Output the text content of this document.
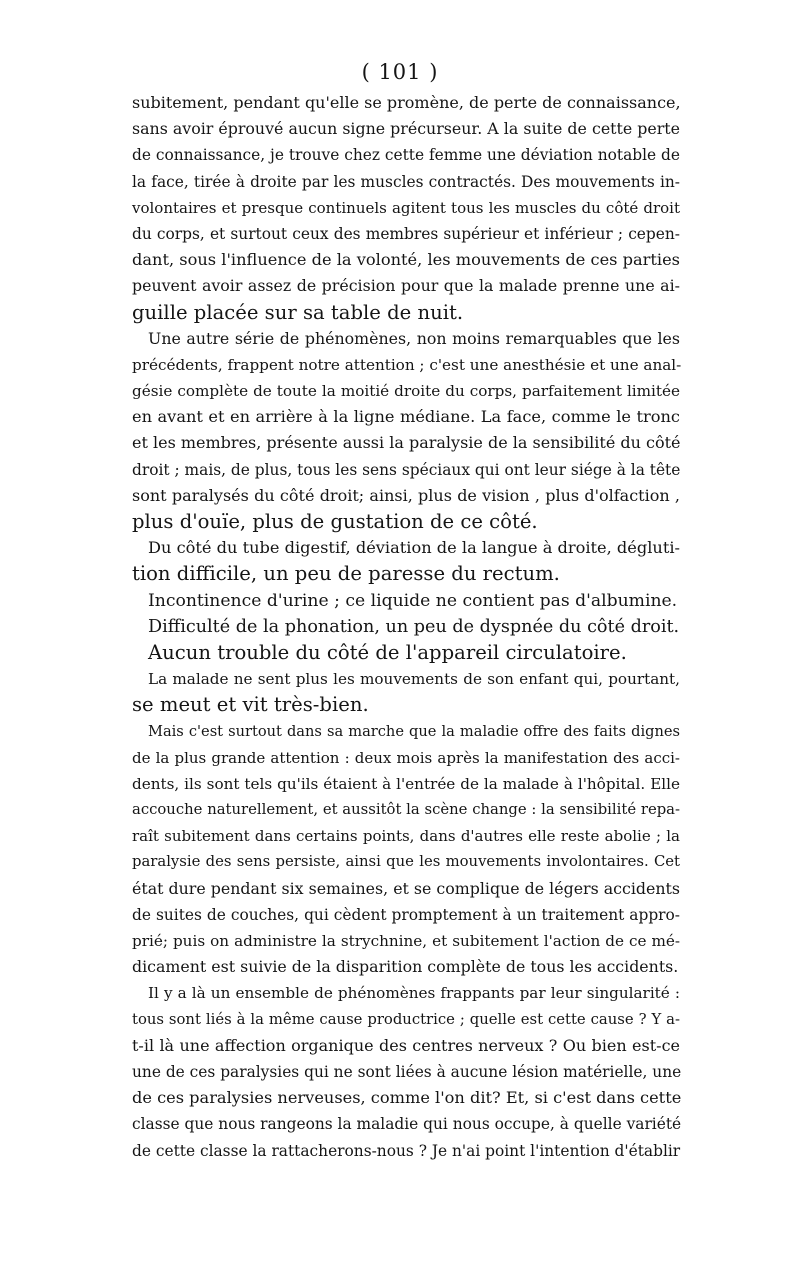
( 101 )
subitement, pendant qu'elle se promène, de perte de connaissance,
sans avoir éprouvé aucun signe précurseur. A la suite de cette perte
de connaissance, je trouve chez cette femme une déviation notable de
la face, tirée à droite par les muscles contractés. Des mouvements in-
volontaires et presque continuels agitent tous les muscles du côté droit
du corps, et surtout ceux des membres supérieur et inférieur ; cepen-
dant, sous l'influence de la volonté, les mouvements de ces parties
peuvent avoir assez de précision pour que la malade prenne une ai-
guille placée sur sa table de nuit.
Une autre série de phénomènes, non moins remarquables que les
précédents, frappent notre attention ; c'est une anesthésie et une anal-
gésie complète de toute la moitié droite du corps, parfaitement limitée
en avant et en arrière à la ligne médiane. La face, comme le tronc
et les membres, présente aussi la paralysie de la sensibilité du côté
droit ; mais, de plus, tous les sens spéciaux qui ont leur siége à la tête
sont paralysés du côté droit; ainsi, plus de vision , plus d'olfaction ,
plus d'ouïe, plus de gustation de ce côté.
Du côté du tube digestif, déviation de la langue à droite, dégluti-
tion difficile, un peu de paresse du rectum.
Incontinence d'urine ; ce liquide ne contient pas d'albumine.
Difficulté de la phonation, un peu de dyspnée du côté droit.
Aucun trouble du côté de l'appareil circulatoire.
La malade ne sent plus les mouvements de son enfant qui, pourtant,
se meut et vit très-bien.
Mais c'est surtout dans sa marche que la maladie offre des faits dignes
de la plus grande attention : deux mois après la manifestation des acci-
dents, ils sont tels qu'ils étaient à l'entrée de la malade à l'hôpital. Elle
accouche naturellement, et aussitôt la scène change : la sensibilité repa-
raît subitement dans certains points, dans d'autres elle reste abolie ; la
paralysie des sens persiste, ainsi que les mouvements involontaires. Cet
état dure pendant six semaines, et se complique de légers accidents
de suites de couches, qui cèdent promptement à un traitement appro-
prié; puis on administre la strychnine, et subitement l'action de ce mé-
dicament est suivie de la disparition complète de tous les accidents.
Il y a là un ensemble de phénomènes frappants par leur singularité :
tous sont liés à la même cause productrice ; quelle est cette cause ? Y a-
t-il là une affection organique des centres nerveux ? Ou bien est-ce
une de ces paralysies qui ne sont liées à aucune lésion matérielle, une
de ces paralysies nerveuses, comme l'on dit? Et, si c'est dans cette
classe que nous rangeons la maladie qui nous occupe, à quelle variété
de cette classe la rattacherons-nous ? Je n'ai point l'intention d'établir
